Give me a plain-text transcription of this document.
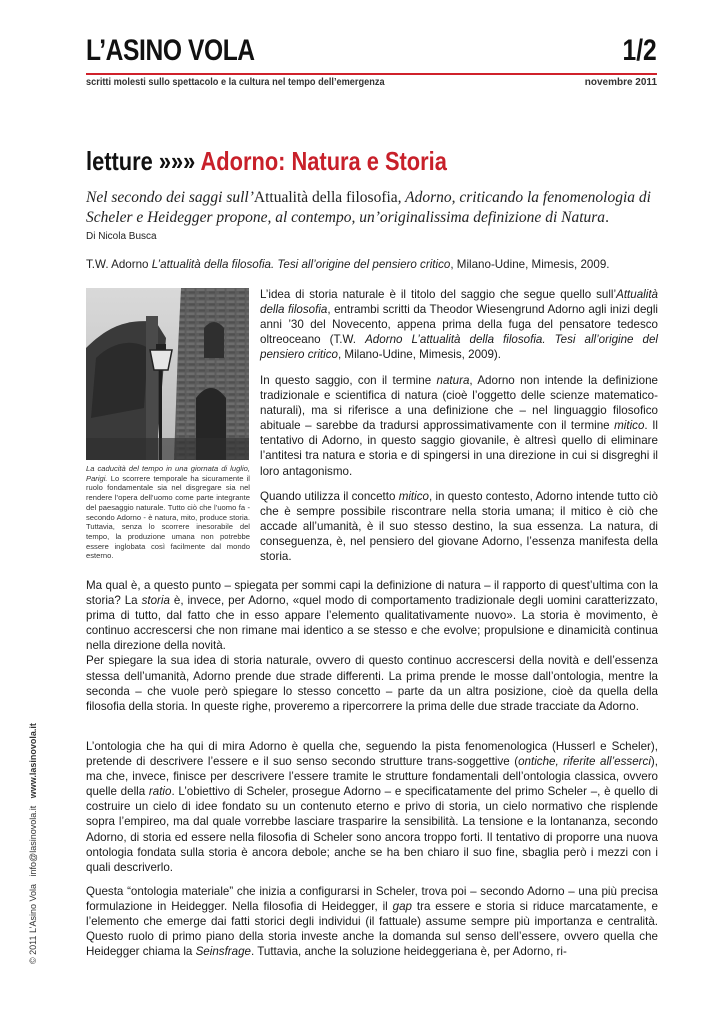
L’ASINO VOLA	1/2
scritti molesti sullo spettacolo e la cultura nel tempo dell’emergenza	novembre 2011
letture »»» Adorno: Natura e Storia
Nel secondo dei saggi sull’Attualità della filosofia, Adorno, criticando la fenomenologia di Scheler e Heidegger propone, al contempo, un’originalissima definizione di Natura.
Di Nicola Busca
T.W. Adorno L’attualità della filosofia. Tesi all’origine del pensiero critico, Milano-Udine, Mimesis, 2009.
La caducità del tempo in una giornata di luglio, Parigi. Lo scorrere temporale ha sicuramente il ruolo fondamentale sia nel disgregare sia nel rendere l’opera dell’uomo come parte integrante del paesaggio naturale. Tutto ciò che l’uomo fa - secondo Adorno - è natura, mito, produce storia. Tuttavia, senza lo scorrere inesorabile del tempo, la produzione umana non potrebbe essere inglobata così facilmente dal mondo esterno.

L’idea di storia naturale è il titolo del saggio che segue quello sull’Attualità della filosofia, entrambi scritti da Theodor Wiesengrund Adorno agli inizi degli anni ’30 del Novecento, appena prima della fuga del pensatore tedesco oltreoceano (T.W. Adorno L’attualità della filosofia. Tesi all’origine del pensiero critico, Milano-Udine, Mimesis, 2009).

In questo saggio, con il termine natura, Adorno non intende la definizione tradizionale e scientifica di natura (cioè l’oggetto delle scienze matematico-naturali), ma si riferisce a una definizione che – nel linguaggio filosofico abituale – sarebbe da tradursi approssimativamente con il termine mitico. Il tentativo di Adorno, in questo saggio giovanile, è altresì quello di eliminare l’antitesi tra natura e storia e di spingersi in una direzione in cui si disgreghi il loro antagonismo.

Quando utilizza il concetto mitico, in questo contesto, Adorno intende tutto ciò che è sempre possibile riscontrare nella storia umana; il mitico è ciò che accade all’umanità, è il suo stesso destino, la sua essenza. La natura, di conseguenza, è, nel pensiero del giovane Adorno, l’essenza manifesta della storia.

Ma qual è, a questo punto – spiegata per sommi capi la definizione di natura – il rapporto di quest’ultima con la storia? La storia è, invece, per Adorno, «quel modo di comportamento tradizionale degli uomini caratterizzato, prima di tutto, dal fatto che in esso appare l’elemento qualitativamente nuovo». La storia è movimento, è continuo accrescersi che non rimane mai identico a se stesso e che evolve; propulsione e dinamicità continua nella direzione della novità.

Per spiegare la sua idea di storia naturale, ovvero di questo continuo accrescersi della novità e dell’essenza stessa dell’umanità, Adorno prende due strade differenti. La prima prende le mosse dall’ontologia, mentre la seconda – che vuole però spiegare lo stesso concetto – parte da un altra posizione, cioè da quella della filosofia della storia. In queste righe, proveremo a ripercorrere la prima delle due strade tracciate da Adorno.

L’ontologia che ha qui di mira Adorno è quella che, seguendo la pista fenomenologica (Husserl e Scheler), pretende di descrivere l’essere e il suo senso secondo strutture trans-soggettive (ontiche, riferite all’esserci), ma che, invece, finisce per descrivere l’essere tramite le strutture fondamentali dell’ontologia classica, ovvero quelle della ratio. L’obiettivo di Scheler, prosegue Adorno – e specificatamente del primo Scheler –, è quello di costruire un cielo di idee fondato su un contenuto eterno e privo di storia, un cielo normativo che risplende sopra l’empireo, ma dal quale vorrebbe lasciare trasparire la sensibilità. La tensione e la lontananza, secondo Adorno, di storia ed essere nella filosofia di Scheler sono ancora troppo forti. Il tentativo di proporre una nuova ontologia fondata sulla storia è ancora debole; anche se ha ben chiaro il suo fine, sbaglia però i mezzi con i quali descriverlo.

Questa “ontologia materiale” che inizia a configurarsi in Scheler, trova poi – secondo Adorno – una più precisa formulazione in Heidegger. Nella filosofia di Heidegger, il gap tra essere e storia si riduce marcatamente, e l’elemento che emerge dai fatti storici degli individui (il fattuale) assume sempre più importanza e centralità. Questo ruolo di primo piano della storia investe anche la domanda sul senso dell’essere, ovvero quella che Heidegger chiama la Seinsfrage. Tuttavia, anche la soluzione heideggeriana è, per Adorno, ri-

© 2011 L’Asino Vola   info@lasinovola.it   www.lasinovola.it
